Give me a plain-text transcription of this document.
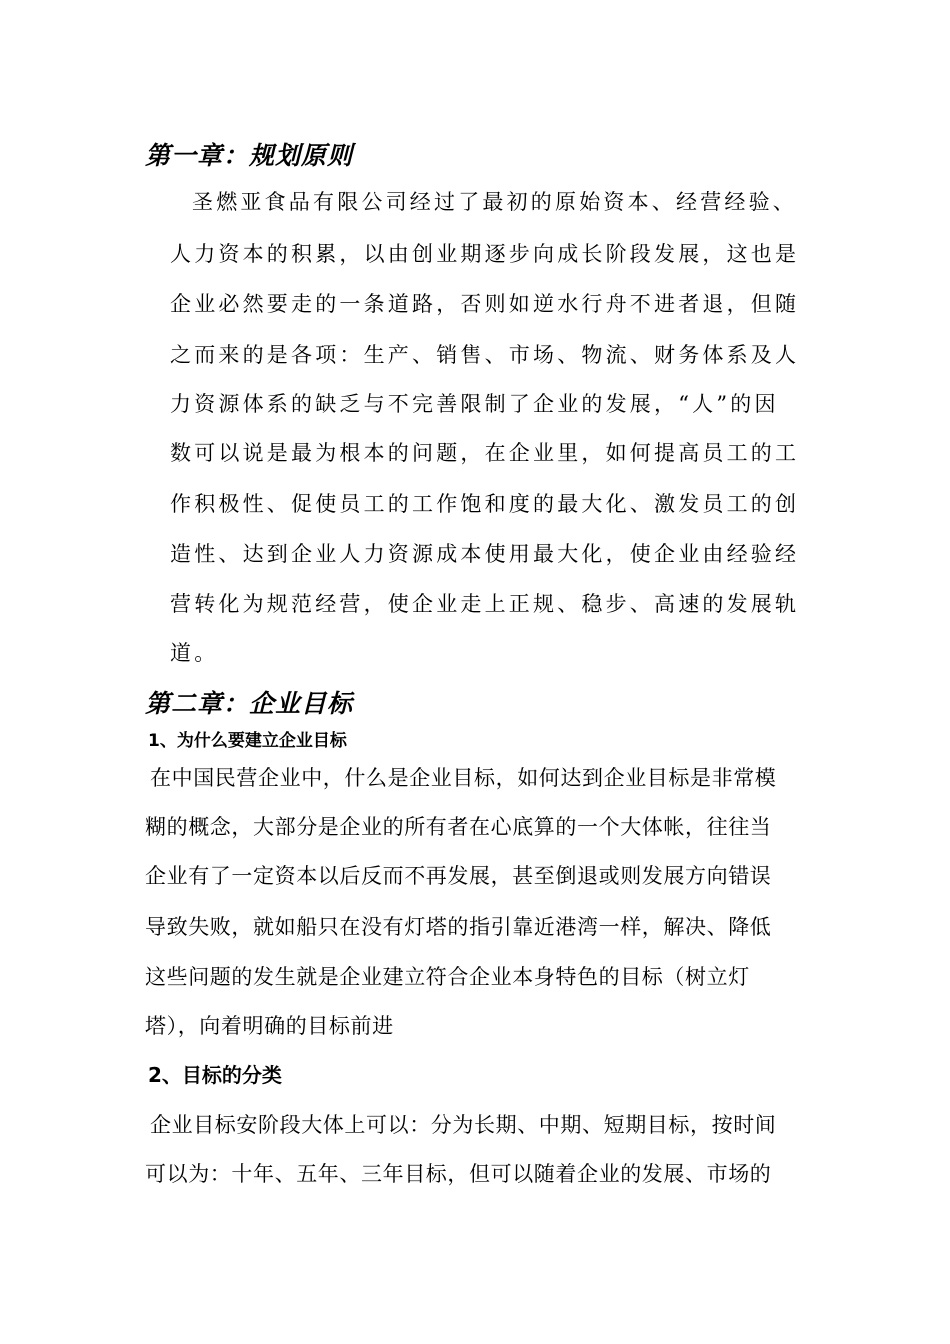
第一章：规划原则
圣燃亚食品有限公司经过了最初的原始资本、经营经验、
人力资本的积累，以由创业期逐步向成长阶段发展，这也是
企业必然要走的一条道路，否则如逆水行舟不进者退，但随
之而来的是各项：生产、销售、市场、物流、财务体系及人
力资源体系的缺乏与不完善限制了企业的发展，“人”的因
数可以说是最为根本的问题，在企业里，如何提高员工的工
作积极性、促使员工的工作饱和度的最大化、激发员工的创
造性、达到企业人力资源成本使用最大化，使企业由经验经
营转化为规范经营，使企业走上正规、稳步、高速的发展轨
道。
第二章：企业目标
1、为什么要建立企业目标
在中国民营企业中，什么是企业目标，如何达到企业目标是非常模
糊的概念，大部分是企业的所有者在心底算的一个大体帐，往往当
企业有了一定资本以后反而不再发展，甚至倒退或则发展方向错误
导致失败，就如船只在没有灯塔的指引靠近港湾一样，解决、降低
这些问题的发生就是企业建立符合企业本身特色的目标（树立灯
塔），向着明确的目标前进
2、目标的分类
企业目标安阶段大体上可以：分为长期、中期、短期目标，按时间
可以为：十年、五年、三年目标，但可以随着企业的发展、市场的
